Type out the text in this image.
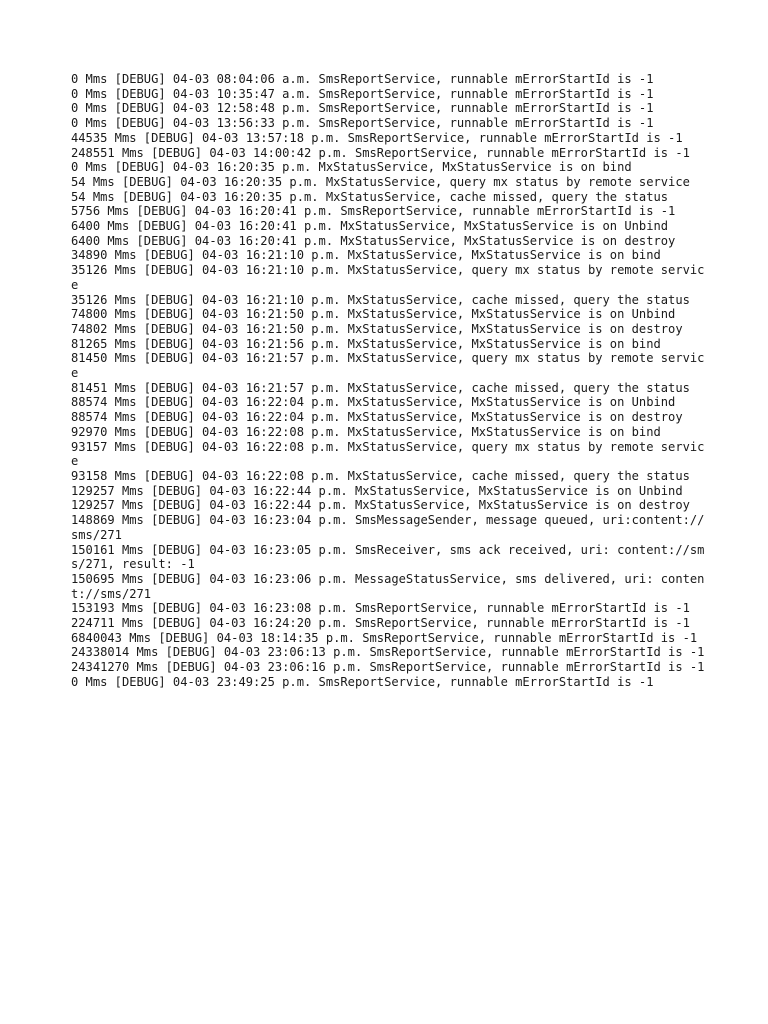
0 Mms [DEBUG] 04-03 08:04:06 a.m. SmsReportService, runnable mErrorStartId is -1
0 Mms [DEBUG] 04-03 10:35:47 a.m. SmsReportService, runnable mErrorStartId is -1
0 Mms [DEBUG] 04-03 12:58:48 p.m. SmsReportService, runnable mErrorStartId is -1
0 Mms [DEBUG] 04-03 13:56:33 p.m. SmsReportService, runnable mErrorStartId is -1
44535 Mms [DEBUG] 04-03 13:57:18 p.m. SmsReportService, runnable mErrorStartId is -1
248551 Mms [DEBUG] 04-03 14:00:42 p.m. SmsReportService, runnable mErrorStartId is -1
0 Mms [DEBUG] 04-03 16:20:35 p.m. MxStatusService, MxStatusService is on bind
54 Mms [DEBUG] 04-03 16:20:35 p.m. MxStatusService, query mx status by remote service
54 Mms [DEBUG] 04-03 16:20:35 p.m. MxStatusService, cache missed, query the status
5756 Mms [DEBUG] 04-03 16:20:41 p.m. SmsReportService, runnable mErrorStartId is -1
6400 Mms [DEBUG] 04-03 16:20:41 p.m. MxStatusService, MxStatusService is on Unbind
6400 Mms [DEBUG] 04-03 16:20:41 p.m. MxStatusService, MxStatusService is on destroy
34890 Mms [DEBUG] 04-03 16:21:10 p.m. MxStatusService, MxStatusService is on bind
35126 Mms [DEBUG] 04-03 16:21:10 p.m. MxStatusService, query mx status by remote service
35126 Mms [DEBUG] 04-03 16:21:10 p.m. MxStatusService, cache missed, query the status
74800 Mms [DEBUG] 04-03 16:21:50 p.m. MxStatusService, MxStatusService is on Unbind
74802 Mms [DEBUG] 04-03 16:21:50 p.m. MxStatusService, MxStatusService is on destroy
81265 Mms [DEBUG] 04-03 16:21:56 p.m. MxStatusService, MxStatusService is on bind
81450 Mms [DEBUG] 04-03 16:21:57 p.m. MxStatusService, query mx status by remote service
81451 Mms [DEBUG] 04-03 16:21:57 p.m. MxStatusService, cache missed, query the status
88574 Mms [DEBUG] 04-03 16:22:04 p.m. MxStatusService, MxStatusService is on Unbind
88574 Mms [DEBUG] 04-03 16:22:04 p.m. MxStatusService, MxStatusService is on destroy
92970 Mms [DEBUG] 04-03 16:22:08 p.m. MxStatusService, MxStatusService is on bind
93157 Mms [DEBUG] 04-03 16:22:08 p.m. MxStatusService, query mx status by remote service
93158 Mms [DEBUG] 04-03 16:22:08 p.m. MxStatusService, cache missed, query the status
129257 Mms [DEBUG] 04-03 16:22:44 p.m. MxStatusService, MxStatusService is on Unbind
129257 Mms [DEBUG] 04-03 16:22:44 p.m. MxStatusService, MxStatusService is on destroy
148869 Mms [DEBUG] 04-03 16:23:04 p.m. SmsMessageSender, message queued, uri:content://sms/271
150161 Mms [DEBUG] 04-03 16:23:05 p.m. SmsReceiver, sms ack received, uri: content://sms/271, result: -1
150695 Mms [DEBUG] 04-03 16:23:06 p.m. MessageStatusService, sms delivered, uri: content://sms/271
153193 Mms [DEBUG] 04-03 16:23:08 p.m. SmsReportService, runnable mErrorStartId is -1
224711 Mms [DEBUG] 04-03 16:24:20 p.m. SmsReportService, runnable mErrorStartId is -1
6840043 Mms [DEBUG] 04-03 18:14:35 p.m. SmsReportService, runnable mErrorStartId is -1
24338014 Mms [DEBUG] 04-03 23:06:13 p.m. SmsReportService, runnable mErrorStartId is -1
24341270 Mms [DEBUG] 04-03 23:06:16 p.m. SmsReportService, runnable mErrorStartId is -1
0 Mms [DEBUG] 04-03 23:49:25 p.m. SmsReportService, runnable mErrorStartId is -1
